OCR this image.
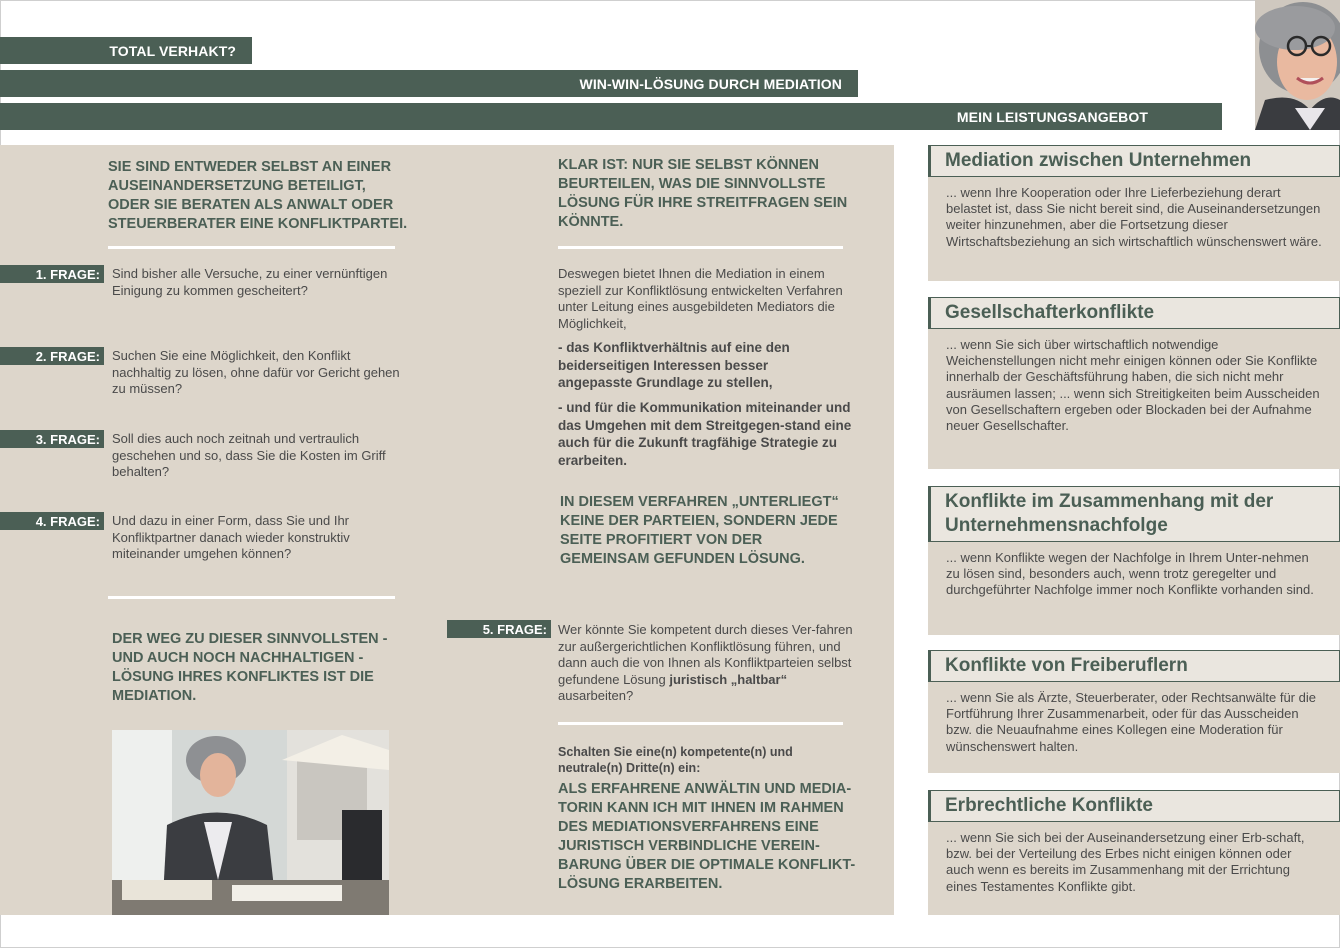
TOTAL VERHAKT?
WIN-WIN-LÖSUNG DURCH MEDIATION
MEIN LEISTUNGSANGEBOT
SIE SIND ENTWEDER SELBST AN EINER AUSEINANDERSETZUNG BETEILIGT, ODER SIE BERATEN ALS ANWALT ODER STEUERBERATER EINE KONFLIKTPARTEI.
1. FRAGE: Sind bisher alle Versuche, zu einer vernünftigen Einigung zu kommen gescheitert?
2. FRAGE: Suchen Sie eine Möglichkeit, den Konflikt nachhaltig zu lösen, ohne dafür vor Gericht gehen zu müssen?
3. FRAGE: Soll dies auch noch zeitnah und vertraulich geschehen und so, dass Sie die Kosten im Griff behalten?
4. FRAGE: Und dazu in einer Form, dass Sie und Ihr Konfliktpartner danach wieder konstruktiv miteinander umgehen können?
DER WEG ZU DIESER SINNVOLLSTEN - UND AUCH NOCH NACHHALTIGEN - LÖSUNG IHRES KONFLIKTES IST DIE MEDIATION.
KLAR IST: NUR SIE SELBST KÖNNEN BEURTEILEN, WAS DIE SINNVOLLSTE LÖSUNG FÜR IHRE STREITFRAGEN SEIN KÖNNTE.
Deswegen bietet Ihnen die Mediation in einem speziell zur Konfliktlösung entwickelten Verfahren unter Leitung eines ausgebildeten Mediators die Möglichkeit,
- das Konfliktverhältnis auf eine den beiderseitigen Interessen besser angepasste Grundlage zu stellen,
- und für die Kommunikation miteinander und das Umgehen mit dem Streitgegen-stand eine auch für die Zukunft tragfähige Strategie zu erarbeiten.
IN DIESEM VERFAHREN „UNTERLIEGT“ KEINE DER PARTEIEN, SONDERN JEDE SEITE PROFITIERT VON DER GEMEINSAM GEFUNDEN LÖSUNG.
5. FRAGE: Wer könnte Sie kompetent durch dieses Ver-fahren zur außergerichtlichen Konfliktlösung führen, und dann auch die von Ihnen als Konfliktparteien selbst gefundene Lösung juristisch „haltbar“ ausarbeiten?
Schalten Sie eine(n) kompetente(n) und neutrale(n) Dritte(n) ein:
ALS ERFAHRENE ANWÄLTIN UND MEDIA-TORIN KANN ICH MIT IHNEN IM RAHMEN DES MEDIATIONSVERFAHRENS EINE JURISTISCH VERBINDLICHE VEREIN-BARUNG ÜBER DIE OPTIMALE KONFLIKT-LÖSUNG ERARBEITEN.
Mediation zwischen Unternehmen
... wenn Ihre Kooperation oder Ihre Lieferbeziehung derart belastet ist, dass Sie nicht bereit sind, die Auseinandersetzungen weiter hinzunehmen, aber die Fortsetzung dieser Wirtschaftsbeziehung an sich wirtschaftlich wünschenswert wäre.
Gesellschafterkonflikte
... wenn Sie sich über wirtschaftlich notwendige Weichenstellungen nicht mehr einigen können oder Sie Konflikte innerhalb der Geschäftsführung haben, die sich nicht mehr ausräumen lassen; ... wenn sich Streitigkeiten beim Ausscheiden von Gesellschaftern ergeben oder Blockaden bei der Aufnahme neuer Gesellschafter.
Konflikte im Zusammenhang mit der Unternehmensnachfolge
... wenn Konflikte wegen der Nachfolge in Ihrem Unter-nehmen zu lösen sind, besonders auch, wenn trotz geregelter und durchgeführter Nachfolge immer noch Konflikte vorhanden sind.
Konflikte von Freiberuflern
... wenn Sie als Ärzte, Steuerberater, oder Rechtsanwälte für die Fortführung Ihrer Zusammenarbeit, oder für das Ausscheiden bzw. die Neuaufnahme eines Kollegen eine Moderation für wünschenswert halten.
Erbrechtliche Konflikte
... wenn Sie sich bei der Auseinandersetzung einer Erb-schaft, bzw. bei der Verteilung des Erbes nicht einigen können oder auch wenn es bereits im Zusammenhang mit der Errichtung eines Testamentes Konflikte gibt.
